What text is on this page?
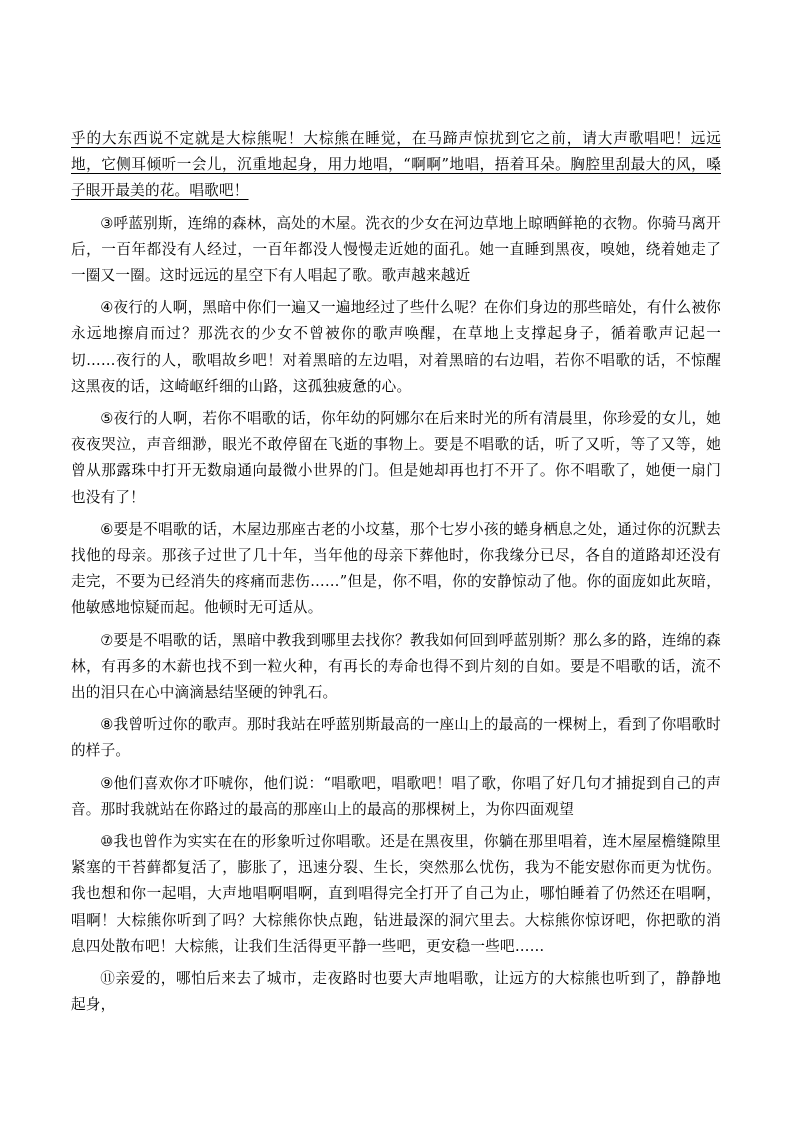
乎的大东西说不定就是大棕熊呢！大棕熊在睡觉，在马蹄声惊扰到它之前，请大声歌唱吧！远远地，它侧耳倾听一会儿，沉重地起身，用力地唱，“啊啊”地唱，捂着耳朵。胸腔里刮最大的风，嗓子眼开最美的花。唱歌吧！

③呼蓝别斯，连绵的森林，高处的木屋。洗衣的少女在河边草地上晾晒鲜艳的衣物。你骑马离开后，一百年都没有人经过，一百年都没人慢慢走近她的面孔。她一直睡到黑夜，嗅她，绕着她走了一圈又一圈。这时远远的星空下有人唱起了歌。歌声越来越近

④夜行的人啊，黑暗中你们一遍又一遍地经过了些什么呢？在你们身边的那些暗处，有什么被你永远地擦肩而过？那洗衣的少女不曾被你的歌声唤醒，在草地上支撑起身子，循着歌声记起一切……夜行的人，歌唱故乡吧！对着黑暗的左边唱，对着黑暗的右边唱，若你不唱歌的话，不惊醒这黑夜的话，这崎岖纤细的山路，这孤独疲惫的心。

⑤夜行的人啊，若你不唱歌的话，你年幼的阿娜尔在后来时光的所有清晨里，你珍爱的女儿，她夜夜哭泣，声音细渺，眼光不敢停留在飞逝的事物上。要是不唱歌的话，听了又听，等了又等，她曾从那露珠中打开无数扇通向最微小世界的门。但是她却再也打不开了。你不唱歌了，她便一扇门也没有了！

⑥要是不唱歌的话，木屋边那座古老的小坟墓，那个七岁小孩的蜷身栖息之处，通过你的沉默去找他的母亲。那孩子过世了几十年，当年他的母亲下葬他时，你我缘分已尽，各自的道路却还没有走完，不要为已经消失的疼痛而悲伤……”但是，你不唱，你的安静惊动了他。你的面庞如此灰暗，他敏感地惊疑而起。他顿时无可适从。

⑦要是不唱歌的话，黑暗中教我到哪里去找你？教我如何回到呼蓝别斯？那么多的路，连绵的森林，有再多的木薪也找不到一粒火种，有再长的寿命也得不到片刻的自如。要是不唱歌的话，流不出的泪只在心中滴滴悬结坚硬的钟乳石。

⑧我曾听过你的歌声。那时我站在呼蓝别斯最高的一座山上的最高的一棵树上，看到了你唱歌时的样子。

⑨他们喜欢你才吓唬你，他们说：“唱歌吧，唱歌吧！唱了歌，你唱了好几句才捕捉到自己的声音。那时我就站在你路过的最高的那座山上的最高的那棵树上，为你四面观望

⑩我也曾作为实实在在的形象听过你唱歌。还是在黑夜里，你躺在那里唱着，连木屋屋檐缝隙里紧塞的干苔藓都复活了，膨胀了，迅速分裂、生长，突然那么忧伤，我为不能安慰你而更为忧伤。我也想和你一起唱，大声地唱啊唱啊，直到唱得完全打开了自己为止，哪怕睡着了仍然还在唱啊，唱啊！大棕熊你听到了吗？大棕熊你快点跑，钻进最深的洞穴里去。大棕熊你惊讶吧，你把歌的消息四处散布吧！大棕熊，让我们生活得更平静一些吧，更安稳一些吧……

⑪亲爱的，哪怕后来去了城市，走夜路时也要大声地唱歌，让远方的大棕熊也听到了，静静地起身，
